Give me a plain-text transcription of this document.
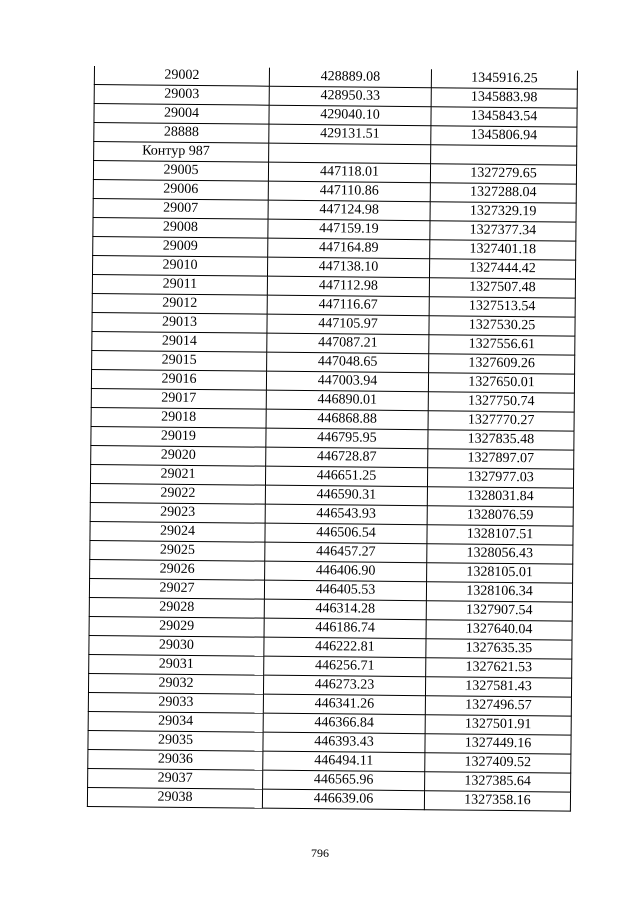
29002	428889.08	1345916.25
29003	428950.33	1345883.98
29004	429040.10	1345843.54
28888	429131.51	1345806.94
Контур 987		
29005	447118.01	1327279.65
29006	447110.86	1327288.04
29007	447124.98	1327329.19
29008	447159.19	1327377.34
29009	447164.89	1327401.18
29010	447138.10	1327444.42
29011	447112.98	1327507.48
29012	447116.67	1327513.54
29013	447105.97	1327530.25
29014	447087.21	1327556.61
29015	447048.65	1327609.26
29016	447003.94	1327650.01
29017	446890.01	1327750.74
29018	446868.88	1327770.27
29019	446795.95	1327835.48
29020	446728.87	1327897.07
29021	446651.25	1327977.03
29022	446590.31	1328031.84
29023	446543.93	1328076.59
29024	446506.54	1328107.51
29025	446457.27	1328056.43
29026	446406.90	1328105.01
29027	446405.53	1328106.34
29028	446314.28	1327907.54
29029	446186.74	1327640.04
29030	446222.81	1327635.35
29031	446256.71	1327621.53
29032	446273.23	1327581.43
29033	446341.26	1327496.57
29034	446366.84	1327501.91
29035	446393.43	1327449.16
29036	446494.11	1327409.52
29037	446565.96	1327385.64
29038	446639.06	1327358.16
796
